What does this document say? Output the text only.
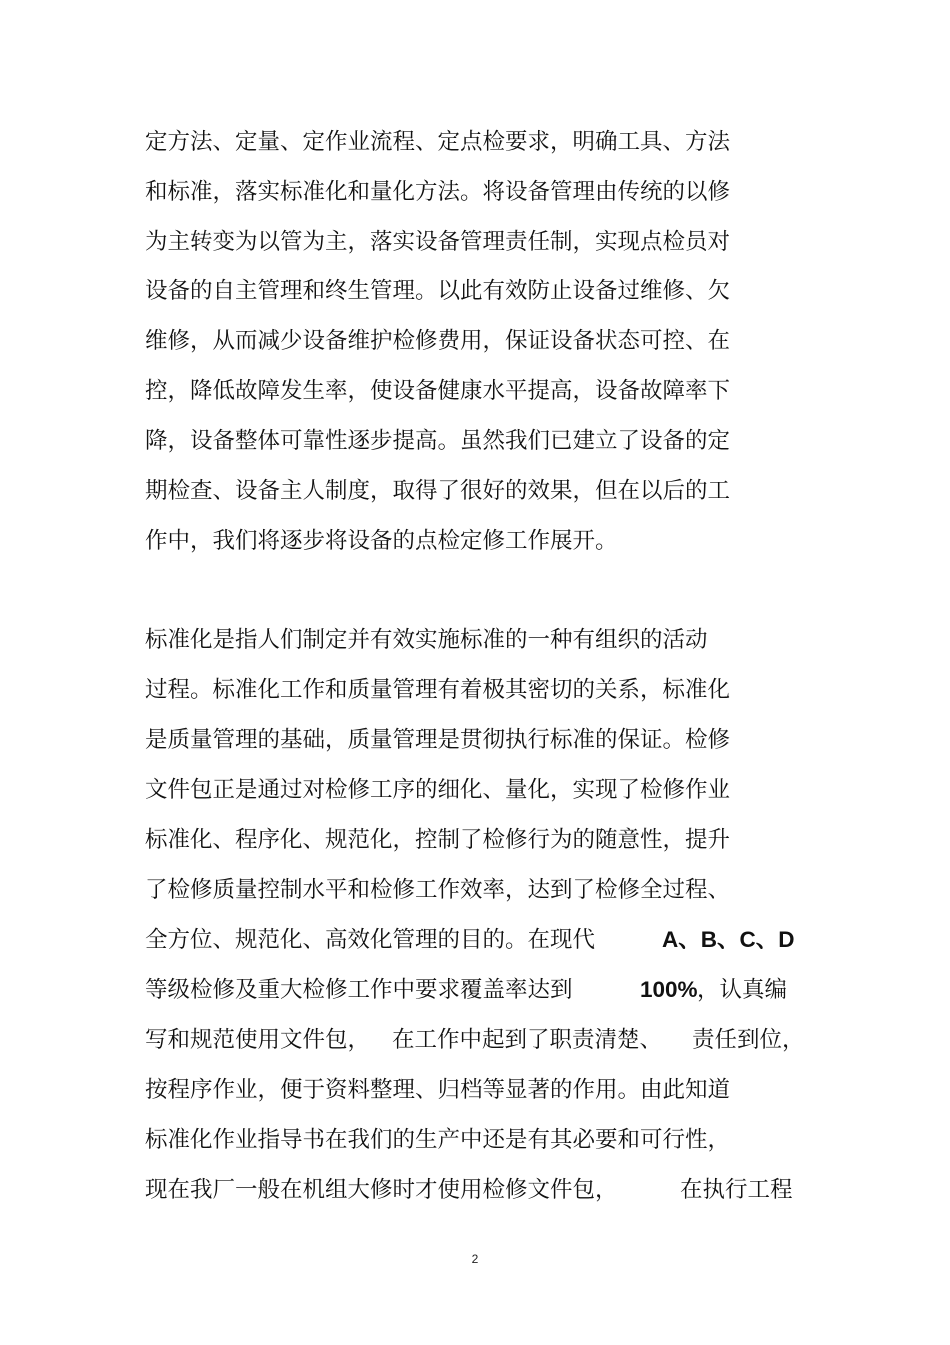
定方法、定量、定作业流程、定点检要求，明确工具、方法
和标准，落实标准化和量化方法。将设备管理由传统的以修
为主转变为以管为主，落实设备管理责任制，实现点检员对
设备的自主管理和终生管理。以此有效防止设备过维修、欠
维修，从而减少设备维护检修费用，保证设备状态可控、在
控，降低故障发生率，使设备健康水平提高，设备故障率下
降，设备整体可靠性逐步提高。虽然我们已建立了设备的定
期检查、设备主人制度，取得了很好的效果，但在以后的工
作中，我们将逐步将设备的点检定修工作展开。
标准化是指人们制定并有效实施标准的一种有组织的活动
过程。标准化工作和质量管理有着极其密切的关系，标准化
是质量管理的基础，质量管理是贯彻执行标准的保证。检修
文件包正是通过对检修工序的细化、量化，实现了检修作业
标准化、程序化、规范化，控制了检修行为的随意性，提升
了检修质量控制水平和检修工作效率，达到了检修全过程、

全方位、规范化、高效化管理的目的。在现代

	A、B、C、D

等级检修及重大检修工作中要求覆盖率达到

	100%

，认真编

写和规范使用文件包，

在工作中起到了职责清楚、

责任到位，

按程序作业，便于资料整理、归档等显著的作用。由此知道
标准化作业指导书在我们的生产中还是有其必要和可行性，

现在我厂一般在机组大修时才使用检修文件包，

	在执行工程

2
